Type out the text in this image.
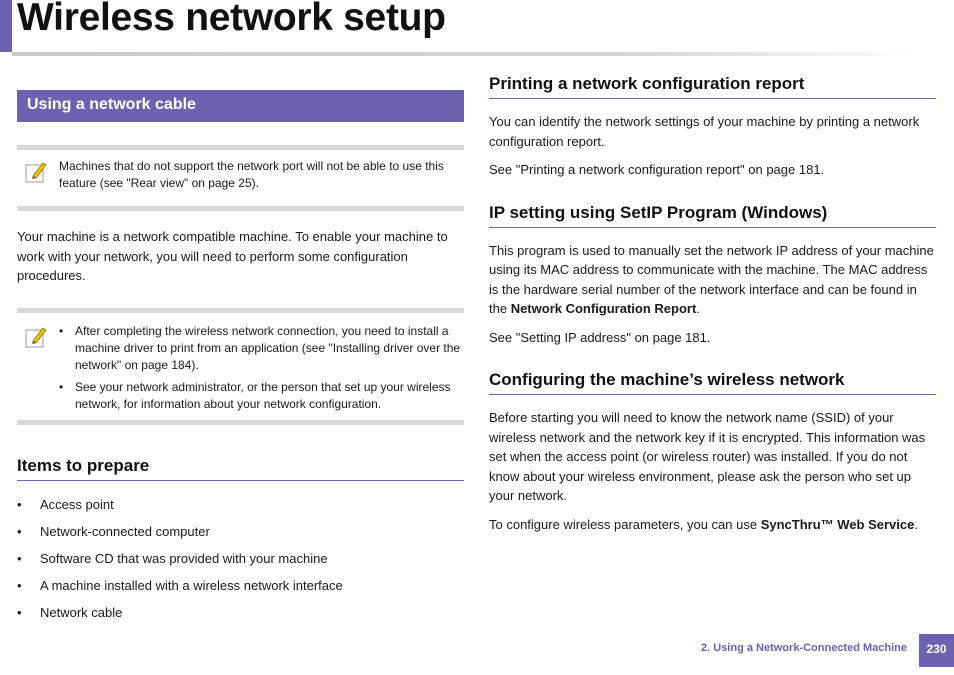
Wireless network setup
Using a network cable

Machines that do not support the network port will not be able to use this feature (see "Rear view" on page 25).

Your machine is a network compatible machine. To enable your machine to work with your network, you will need to perform some configuration procedures.

• After completing the wireless network connection, you need to install a machine driver to print from an application (see "Installing driver over the network" on page 184).
• See your network administrator, or the person that set up your wireless network, for information about your network configuration.
Items to prepare
• Access point
• Network-connected computer
• Software CD that was provided with your machine
• A machine installed with a wireless network interface
• Network cable
Printing a network configuration report

You can identify the network settings of your machine by printing a network configuration report.

See "Printing a network configuration report" on page 181.

IP setting using SetIP Program (Windows)

This program is used to manually set the network IP address of your machine using its MAC address to communicate with the machine. The MAC address is the hardware serial number of the network interface and can be found in the Network Configuration Report.

See "Setting IP address" on page 181.

Configuring the machine’s wireless network

Before starting you will need to know the network name (SSID) of your wireless network and the network key if it is encrypted. This information was set when the access point (or wireless router) was installed. If you do not know about your wireless environment, please ask the person who set up your network.

To configure wireless parameters, you can use SyncThru™ Web Service.

2. Using a Network-Connected Machine	230
